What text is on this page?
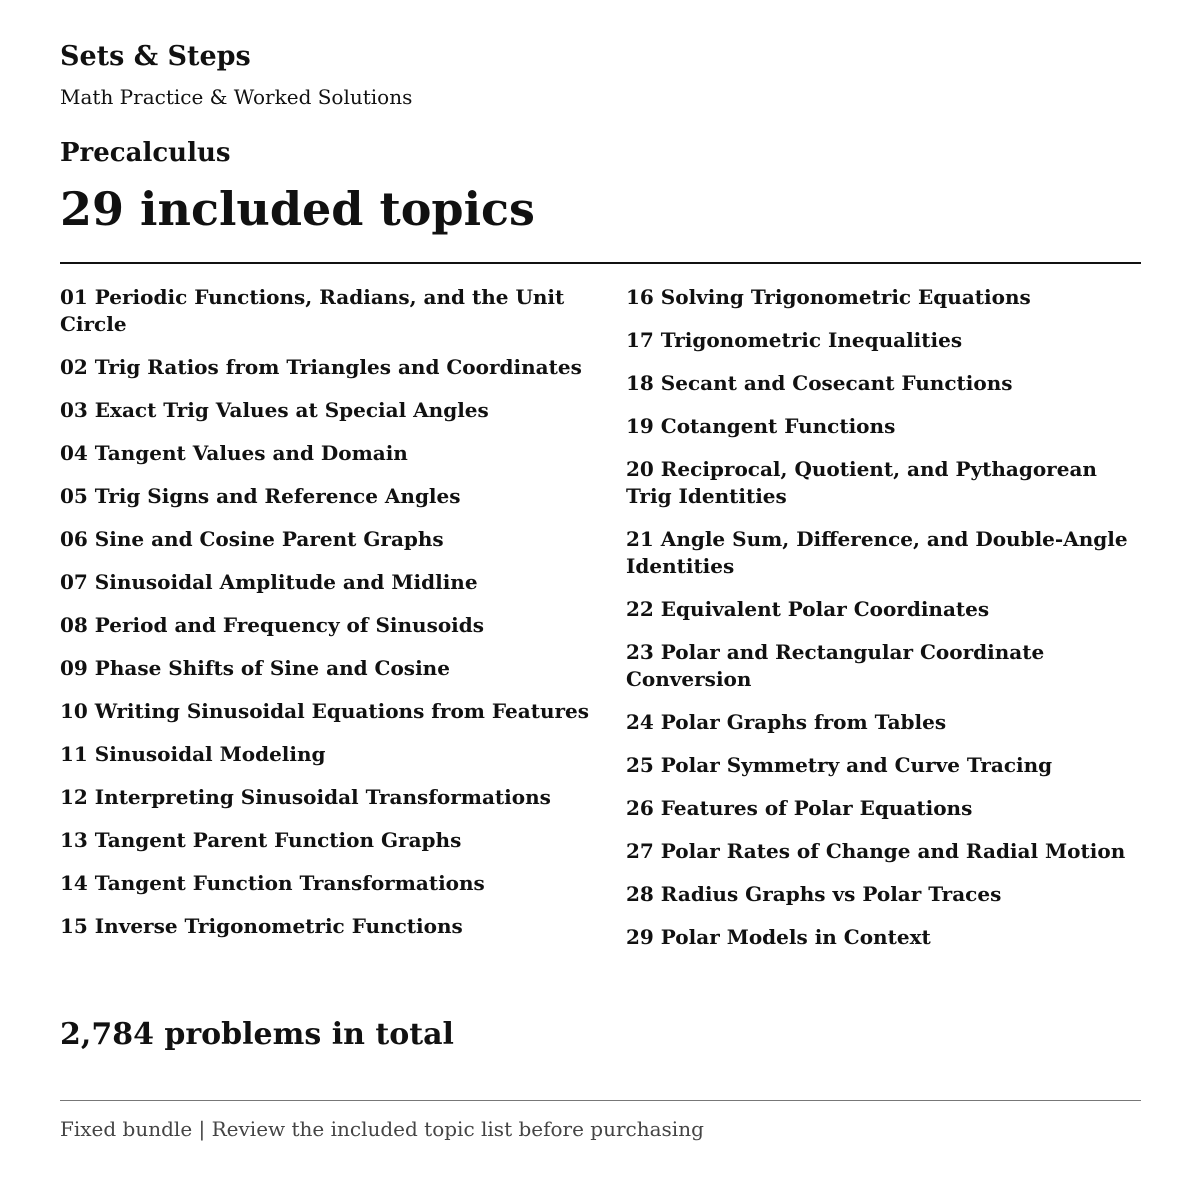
Sets & Steps
Math Practice & Worked Solutions
Precalculus
29 included topics
01 Periodic Functions, Radians, and the Unit Circle
02 Trig Ratios from Triangles and Coordinates
03 Exact Trig Values at Special Angles
04 Tangent Values and Domain
05 Trig Signs and Reference Angles
06 Sine and Cosine Parent Graphs
07 Sinusoidal Amplitude and Midline
08 Period and Frequency of Sinusoids
09 Phase Shifts of Sine and Cosine
10 Writing Sinusoidal Equations from Features
11 Sinusoidal Modeling
12 Interpreting Sinusoidal Transformations
13 Tangent Parent Function Graphs
14 Tangent Function Transformations
15 Inverse Trigonometric Functions
16 Solving Trigonometric Equations
17 Trigonometric Inequalities
18 Secant and Cosecant Functions
19 Cotangent Functions
20 Reciprocal, Quotient, and Pythagorean Trig Identities
21 Angle Sum, Difference, and Double-Angle Identities
22 Equivalent Polar Coordinates
23 Polar and Rectangular Coordinate Conversion
24 Polar Graphs from Tables
25 Polar Symmetry and Curve Tracing
26 Features of Polar Equations
27 Polar Rates of Change and Radial Motion
28 Radius Graphs vs Polar Traces
29 Polar Models in Context
2,784 problems in total
Fixed bundle | Review the included topic list before purchasing
